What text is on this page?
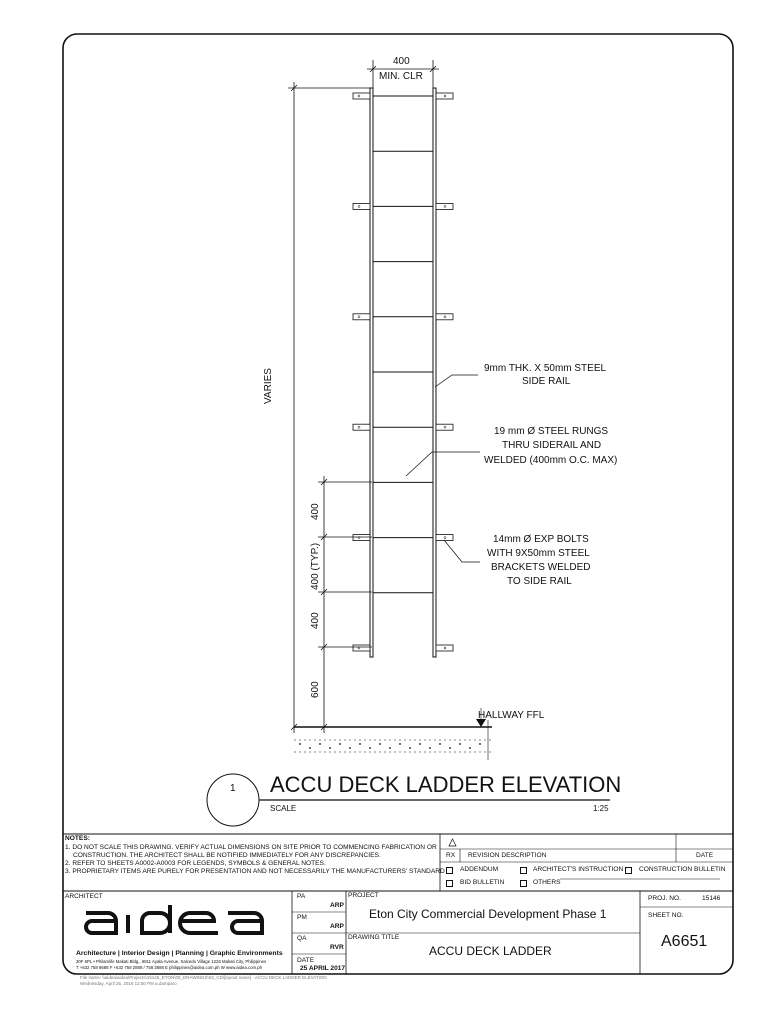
400
MIN. CLR
VARIES
400
400 (TYP.)
400
600
9mm THK. X 50mm STEEL
SIDE RAIL
19 mm Ø STEEL RUNGS
THRU SIDERAIL AND
WELDED (400mm O.C. MAX)
14mm Ø EXP BOLTS
WITH 9X50mm STEEL
BRACKETS WELDED
TO SIDE RAIL
HALLWAY FFL
1 ACCU DECK LADDER ELEVATION
SCALE	1:25
NOTES:
1. DO NOT SCALE THIS DRAWING. VERIFY ACTUAL DIMENSIONS ON SITE PRIOR TO COMMENCING FABRICATION OR
CONSTRUCTION. THE ARCHITECT SHALL BE NOTIFIED IMMEDIATELY FOR ANY DISCREPANCIES.
2. REFER TO SHEETS A0002-A0003 FOR LEGENDS, SYMBOLS & GENERAL NOTES.
3. PROPRIETARY ITEMS ARE PURELY FOR PRESENTATION AND NOT NECESSARILY THE MANUFACTURERS' STANDARD
RX REVISION DESCRIPTION	DATE
ADDENDUM	ARCHITECT'S INSTRUCTION CONSTRUCTION BULLETIN
BID BULLETIN	OTHERS
ARCHITECT
Architecture | Interior Design | Planning | Graphic Environments
30F 6PL • Philamlife Makati Bldg., 6811 Ayala Avenue, Salcedo Village 1226 Makati City, Philippines
T +632 758 8688 F +632 758 2888 / 758 3888 E philippines@aidea.com.ph W www.aidea.com.ph
PA
ARP
PM
ARP
QA
RVR
DATE
25 APRIL 2017
PROJECT
Eton City Commercial Development Phase 1
DRAWING TITLE
ACCU DECK LADDER
PROJ. NO.	15146
SHEET NO.
A6651
File name: \\aidea\aidea\Projects\15146_ETON\05_DRAWINGS\02_CD\[layout name] - ACCU DECK LADDER ELEVATION
Wednesday, April 25, 2018 12:50 PM a.damparo
